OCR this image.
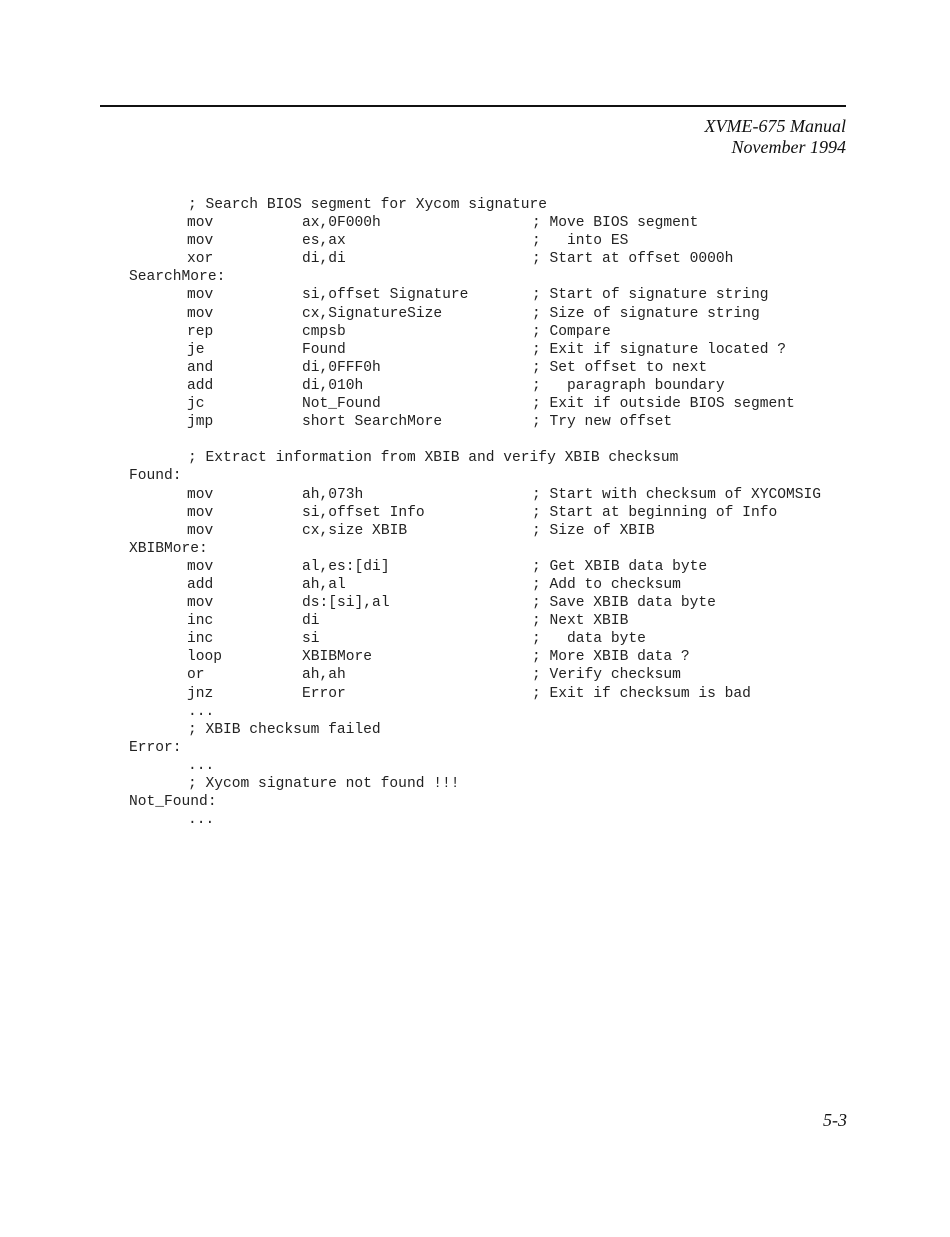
XVME-675 Manual
November 1994
; Search BIOS segment for Xycom signature
mov	ax,0F000h	; Move BIOS segment
mov	es,ax	;   into ES
xor	di,di	; Start at offset 0000h
SearchMore:
mov	si,offset Signature	; Start of signature string
mov	cx,SignatureSize	; Size of signature string
rep	cmpsb	; Compare
je	Found	; Exit if signature located ?
and	di,0FFF0h	; Set offset to next
add	di,010h	;   paragraph boundary
jc	Not_Found	; Exit if outside BIOS segment
jmp	short SearchMore	; Try new offset
; Extract information from XBIB and verify XBIB checksum
Found:
mov	ah,073h	; Start with checksum of XYCOMSIG
mov	si,offset Info	; Start at beginning of Info
mov	cx,size XBIB	; Size of XBIB
XBIBMore:
mov	al,es:[di]	; Get XBIB data byte
add	ah,al	; Add to checksum
mov	ds:[si],al	; Save XBIB data byte
inc	di	; Next XBIB
inc	si	;   data byte
loop	XBIBMore	; More XBIB data ?
or	ah,ah	; Verify checksum
jnz	Error	; Exit if checksum is bad
...
; XBIB checksum failed
Error:
...
; Xycom signature not found !!!
Not_Found:
...
5-3
